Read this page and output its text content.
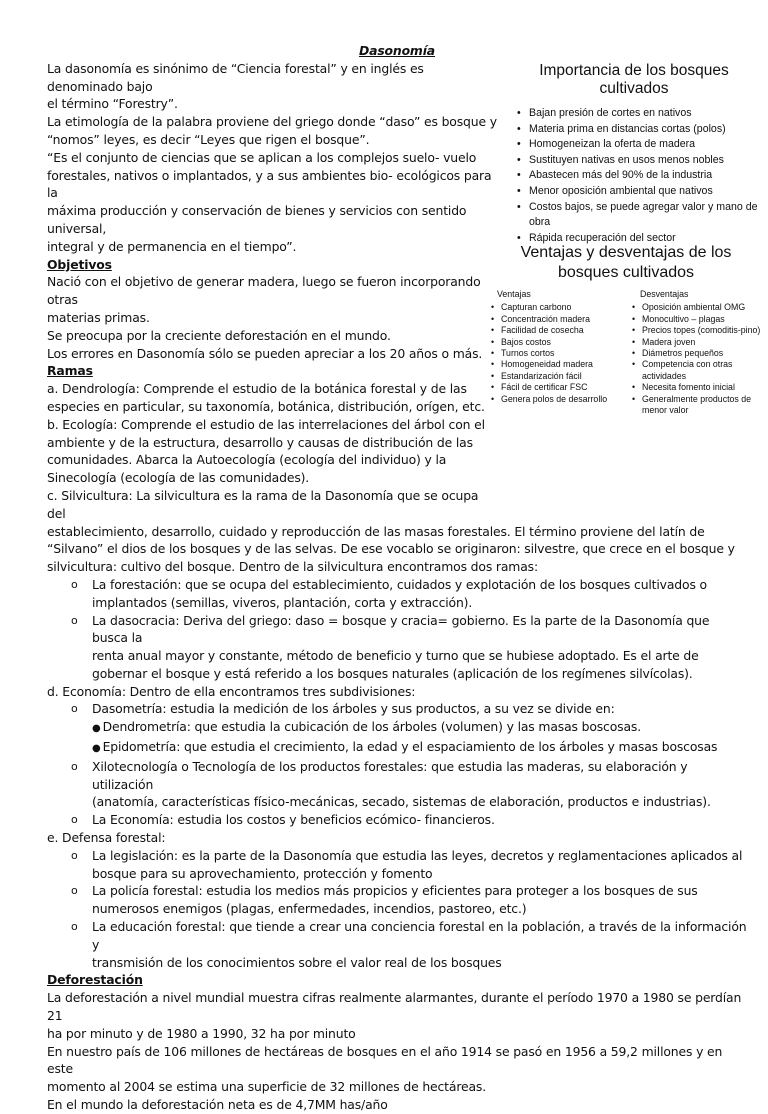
Dasonomía

La dasonomía es sinónimo de “Ciencia forestal” y en inglés es denominado bajo

el término “Forestry”.

La etimología de la palabra proviene del griego donde “daso” es bosque y

“nomos” leyes, es decir “Leyes que rigen el bosque”.

“Es el conjunto de ciencias que se aplican a los complejos suelo- vuelo

forestales, nativos o implantados, y a sus ambientes bio- ecológicos para la

máxima producción y conservación de bienes y servicios con sentido universal,

integral y de permanencia en el tiempo”.

Objetivos

Nació con el objetivo de generar madera, luego se fueron incorporando otras

materias primas.

Se preocupa por la creciente deforestación en el mundo.

Los errores en Dasonomía sólo se pueden apreciar a los 20 años o más.

Ramas

a. Dendrología: Comprende el estudio de la botánica forestal y de las

especies en particular, su taxonomía, botánica, distribución, orígen, etc.

b. Ecología: Comprende el estudio de las interrelaciones del árbol con el

ambiente y de la estructura, desarrollo y causas de distribución de las

comunidades. Abarca la Autoecología (ecología del individuo) y la

Sinecología (ecología de las comunidades).

c. Silvicultura: La silvicultura es la rama de la Dasonomía que se ocupa del

establecimiento, desarrollo, cuidado y reproducción de las masas forestales. El término proviene del latín de

“Silvano” el dios de los bosques y de las selvas. De ese vocablo se originaron: silvestre, que crece en el bosque y

silvicultura: cultivo del bosque. Dentro de la silvicultura encontramos dos ramas:

o	La forestación: que se ocupa del establecimiento, cuidados y explotación de los bosques cultivados o
implantados (semillas, viveros, plantación, corta y extracción).
o	La dasocracia: Deriva del griego: daso = bosque y cracia= gobierno. Es la parte de la Dasonomía que busca la
renta anual mayor y constante, método de beneficio y turno que se hubiese adoptado. Es el arte de
gobernar el bosque y está referido a los bosques naturales (aplicación de los regímenes silvícolas).

d. Economía: Dentro de ella encontramos tres subdivisiones:

o	Dasometría: estudia la medición de los árboles y sus productos, a su vez se divide en:

● Dendrometría: que estudia la cubicación de los árboles (volumen) y las masas boscosas.

● Epidometría: que estudia el crecimiento, la edad y el espaciamiento de los árboles y masas boscosas

o	Xilotecnología o Tecnología de los productos forestales: que estudia las maderas, su elaboración y utilización
(anatomía, características físico-mecánicas, secado, sistemas de elaboración, productos e industrias).
o	La Economía: estudia los costos y beneficios ecómico- financieros.

e. Defensa forestal:

o	La legislación: es la parte de la Dasonomía que estudia las leyes, decretos y reglamentaciones aplicados al
bosque para su aprovechamiento, protección y fomento
o	La policía forestal: estudia los medios más propicios y eficientes para proteger a los bosques de sus
numerosos enemigos (plagas, enfermedades, incendios, pastoreo, etc.)
o	La educación forestal: que tiende a crear una conciencia forestal en la población, a través de la información y
transmisión de los conocimientos sobre el valor real de los bosques

Deforestación

La deforestación a nivel mundial muestra cifras realmente alarmantes, durante el período 1970 a 1980 se perdían 21

ha por minuto y de 1980 a 1990, 32 ha por minuto

En nuestro país de 106 millones de hectáreas de bosques en el año 1914 se pasó en 1956 a 59,2 millones y en este

momento al 2004 se estima una superficie de 32 millones de hectáreas.

En el mundo la deforestación neta es de 4,7MM has/año

Importancia de los bosques
cultivados
• Bajan presión de cortes en nativos
• Materia prima en distancias cortas (polos)
• Homogeneizan la oferta de madera
• Sustituyen nativas en usos menos nobles
• Abastecen más del 90% de la industria
• Menor oposición ambiental que nativos
• Costos bajos, se puede agregar valor y mano de obra
• Rápida recuperación del sector
Ventajas y desventajas de los
bosques cultivados
Ventajas
• Capturan carbono
• Concentración madera
• Facilidad de cosecha
• Bajos costos
• Turnos cortos
• Homogeneidad madera
• Estandarización fácil
• Fácil de certificar FSC
• Genera polos de desarrollo
Desventajas
• Oposición ambiental OMG
• Monocultivo – plagas
• Precios topes (comoditis-pino)
• Madera joven
• Diámetros pequeños
• Competencia con otras actividades
• Necesita fomento inicial
• Generalmente productos de menor valor
